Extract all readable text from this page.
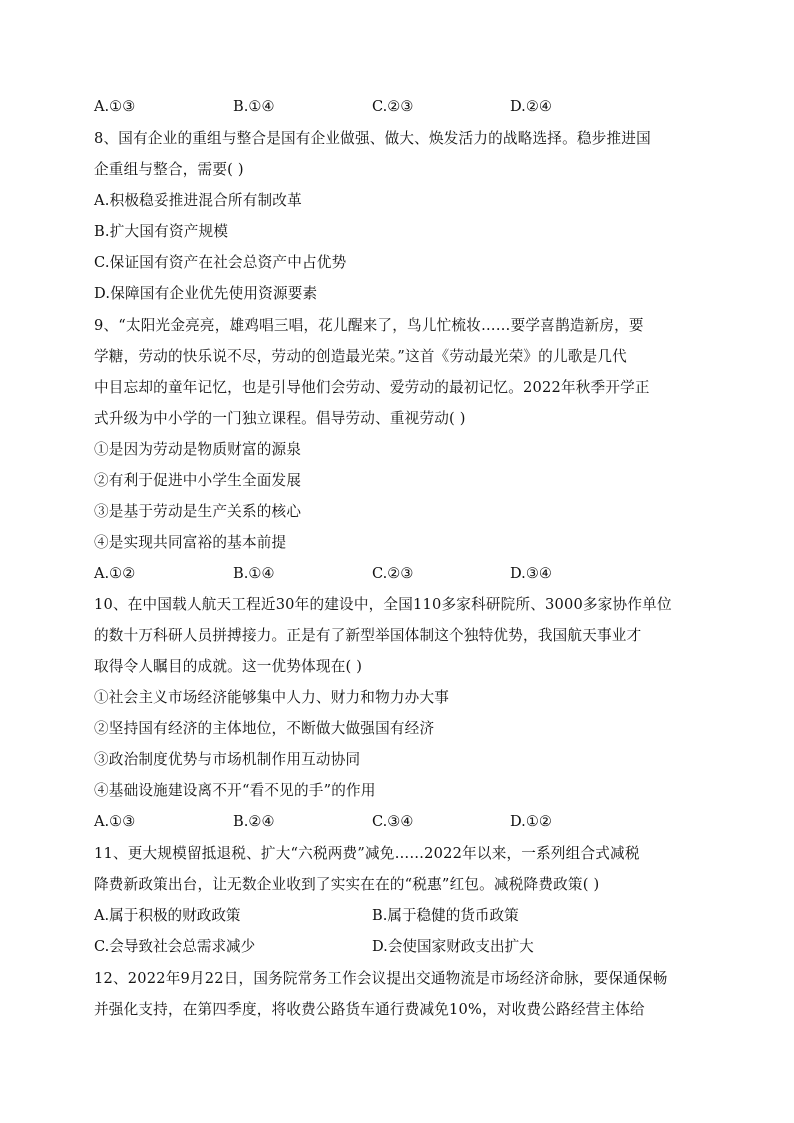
A.①③	B.①④	C.②③	D.②④
8、国有企业的重组与整合是国有企业做强、做大、焕发活力的战略选择。稳步推进国
企重组与整合，需要( )
A.积极稳妥推进混合所有制改革
B.扩大国有资产规模
C.保证国有资产在社会总资产中占优势
D.保障国有企业优先使用资源要素
9、“太阳光金亮亮，雄鸡唱三唱，花儿醒来了，鸟儿忙梳妆……要学喜鹊造新房，要
学糖，劳动的快乐说不尽，劳动的创造最光荣。”这首《劳动最光荣》的儿歌是几代
中目忘却的童年记忆，也是引导他们会劳动、爱劳动的最初记忆。2022年秋季开学正
式升级为中小学的一门独立课程。倡导劳动、重视劳动( )
①是因为劳动是物质财富的源泉
②有利于促进中小学生全面发展
③是基于劳动是生产关系的核心
④是实现共同富裕的基本前提
A.①②	B.①④	C.②③	D.③④
10、在中国载人航天工程近30年的建设中，全国110多家科研院所、3000多家协作单位
的数十万科研人员拼搏接力。正是有了新型举国体制这个独特优势，我国航天事业才
取得令人瞩目的成就。这一优势体现在( )
①社会主义市场经济能够集中人力、财力和物力办大事
②坚持国有经济的主体地位，不断做大做强国有经济
③政治制度优势与市场机制作用互动协同
④基础设施建设离不开“看不见的手”的作用
A.①③	B.②④	C.③④	D.①②
11、更大规模留抵退税、扩大“六税两费”减免……2022年以来，一系列组合式减税
降费新政策出台，让无数企业收到了实实在在的“税惠”红包。减税降费政策( )
A.属于积极的财政政策	B.属于稳健的货币政策
C.会导致社会总需求减少	D.会使国家财政支出扩大
12、2022年9月22日，国务院常务工作会议提出交通物流是市场经济命脉，要保通保畅
并强化支持，在第四季度，将收费公路货车通行费减免10%，对收费公路经营主体给
